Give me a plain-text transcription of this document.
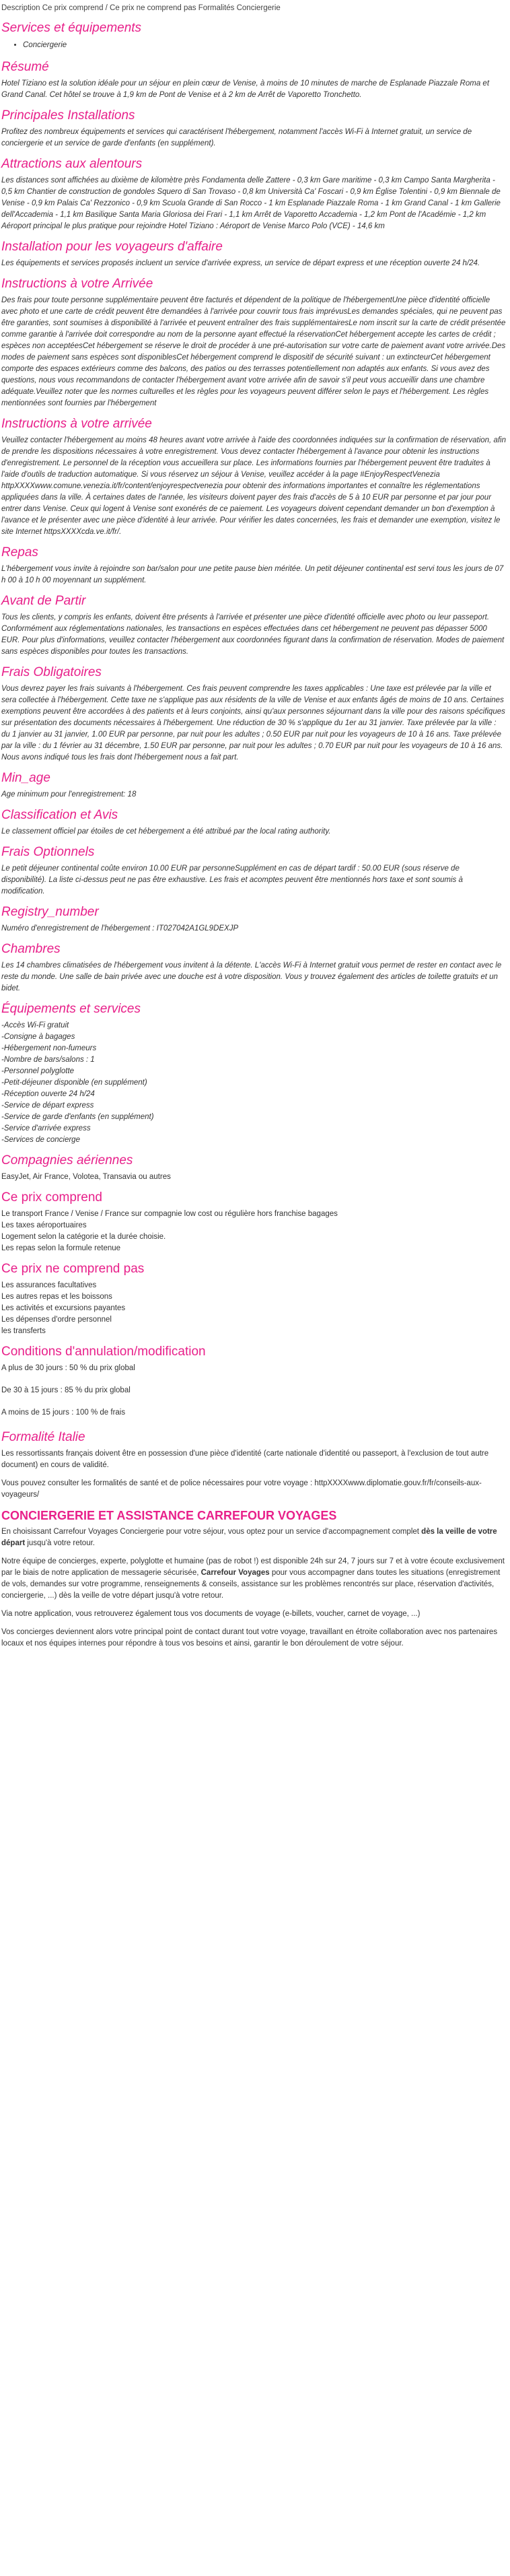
Description Ce prix comprend / Ce prix ne comprend pas Formalités Conciergerie
Services et équipements
• Conciergerie
Résumé

Hotel Tiziano est la solution idéale pour un séjour en plein cœur de Venise, à moins de 10 minutes de marche de Esplanade Piazzale Roma et Grand Canal. Cet hôtel se trouve à 1,9 km de Pont de Venise et à 2 km de Arrêt de Vaporetto Tronchetto.

Principales Installations

Profitez des nombreux équipements et services qui caractérisent l'hébergement, notamment l'accès Wi-Fi à Internet gratuit, un service de conciergerie et un service de garde d'enfants (en supplément).

Attractions aux alentours

Les distances sont affichées au dixième de kilomètre près Fondamenta delle Zattere - 0,3 km Gare maritime - 0,3 km Campo Santa Margherita - 0,5 km Chantier de construction de gondoles Squero di San Trovaso - 0,8 km Università Ca' Foscari - 0,9 km Église Tolentini - 0,9 km Biennale de Venise - 0,9 km Palais Ca' Rezzonico - 0,9 km Scuola Grande di San Rocco - 1 km Esplanade Piazzale Roma - 1 km Grand Canal - 1 km Gallerie dell'Accademia - 1,1 km Basilique Santa Maria Gloriosa dei Frari - 1,1 km Arrêt de Vaporetto Accademia - 1,2 km Pont de l'Académie - 1,2 km Aéroport principal le plus pratique pour rejoindre Hotel Tiziano : Aéroport de Venise Marco Polo (VCE) - 14,6 km

Installation pour les voyageurs d'affaire

Les équipements et services proposés incluent un service d'arrivée express, un service de départ express et une réception ouverte 24 h/24.

Instructions à votre Arrivée

Des frais pour toute personne supplémentaire peuvent être facturés et dépendent de la politique de l'hébergementUne pièce d'identité officielle avec photo et une carte de crédit peuvent être demandées à l'arrivée pour couvrir tous frais imprévusLes demandes spéciales, qui ne peuvent pas être garanties, sont soumises à disponibilité à l'arrivée et peuvent entraîner des frais supplémentairesLe nom inscrit sur la carte de crédit présentée comme garantie à l'arrivée doit correspondre au nom de la personne ayant effectué la réservationCet hébergement accepte les cartes de crédit ; espèces non acceptéesCet hébergement se réserve le droit de procéder à une pré-autorisation sur votre carte de paiement avant votre arrivée.Des modes de paiement sans espèces sont disponiblesCet hébergement comprend le dispositif de sécurité suivant : un extincteurCet hébergement comporte des espaces extérieurs comme des balcons, des patios ou des terrasses potentiellement non adaptés aux enfants. Si vous avez des questions, nous vous recommandons de contacter l'hébergement avant votre arrivée afin de savoir s'il peut vous accueillir dans une chambre adéquate.Veuillez noter que les normes culturelles et les règles pour les voyageurs peuvent différer selon le pays et l'hébergement. Les règles mentionnées sont fournies par l'hébergement

Instructions à votre arrivée

Veuillez contacter l'hébergement au moins 48 heures avant votre arrivée à l'aide des coordonnées indiquées sur la confirmation de réservation, afin de prendre les dispositions nécessaires à votre enregistrement. Vous devez contacter l'hébergement à l'avance pour obtenir les instructions d'enregistrement. Le personnel de la réception vous accueillera sur place. Les informations fournies par l'hébergement peuvent être traduites à l'aide d'outils de traduction automatique. Si vous réservez un séjour à Venise, veuillez accéder à la page #EnjoyRespectVenezia httpXXXXwww.comune.venezia.it/fr/content/enjoyrespectvenezia pour obtenir des informations importantes et connaître les réglementations appliquées dans la ville. À certaines dates de l'année, les visiteurs doivent payer des frais d'accès de 5 à 10 EUR par personne et par jour pour entrer dans Venise. Ceux qui logent à Venise sont exonérés de ce paiement. Les voyageurs doivent cependant demander un bon d'exemption à l'avance et le présenter avec une pièce d'identité à leur arrivée. Pour vérifier les dates concernées, les frais et demander une exemption, visitez le site Internet httpsXXXXcda.ve.it/fr/.

Repas

L'hébergement vous invite à rejoindre son bar/salon pour une petite pause bien méritée. Un petit déjeuner continental est servi tous les jours de 07 h 00 à 10 h 00 moyennant un supplément.

Avant de Partir

Tous les clients, y compris les enfants, doivent être présents à l'arrivée et présenter une pièce d'identité officielle avec photo ou leur passeport. Conformément aux réglementations nationales, les transactions en espèces effectuées dans cet hébergement ne peuvent pas dépasser 5000 EUR. Pour plus d'informations, veuillez contacter l'hébergement aux coordonnées figurant dans la confirmation de réservation. Modes de paiement sans espèces disponibles pour toutes les transactions.

Frais Obligatoires

Vous devrez payer les frais suivants à l'hébergement. Ces frais peuvent comprendre les taxes applicables : Une taxe est prélevée par la ville et sera collectée à l'hébergement. Cette taxe ne s'applique pas aux résidents de la ville de Venise et aux enfants âgés de moins de 10 ans. Certaines exemptions peuvent être accordées à des patients et à leurs conjoints, ainsi qu'aux personnes séjournant dans la ville pour des raisons spécifiques sur présentation des documents nécessaires à l'hébergement. Une réduction de 30 % s'applique du 1er au 31 janvier. Taxe prélevée par la ville : du 1 janvier au 31 janvier, 1.00 EUR par personne, par nuit pour les adultes ; 0.50 EUR par nuit pour les voyageurs de 10 à 16 ans. Taxe prélevée par la ville : du 1 février au 31 décembre, 1.50 EUR par personne, par nuit pour les adultes ; 0.70 EUR par nuit pour les voyageurs de 10 à 16 ans. Nous avons indiqué tous les frais dont l'hébergement nous a fait part.

Min_age

Age minimum pour l'enregistrement: 18

Classification et Avis

Le classement officiel par étoiles de cet hébergement a été attribué par the local rating authority.

Frais Optionnels

Le petit déjeuner continental coûte environ 10.00 EUR par personneSupplément en cas de départ tardif : 50.00 EUR (sous réserve de disponibilité). La liste ci-dessus peut ne pas être exhaustive. Les frais et acomptes peuvent être mentionnés hors taxe et sont soumis à modification.

Registry_number

Numéro d'enregistrement de l'hébergement : IT027042A1GL9DEXJP

Chambres

Les 14 chambres climatisées de l'hébergement vous invitent à la détente. L'accès Wi-Fi à Internet gratuit vous permet de rester en contact avec le reste du monde. Une salle de bain privée avec une douche est à votre disposition. Vous y trouvez également des articles de toilette gratuits et un bidet.

Équipements et services
-Accès Wi-Fi gratuit
-Consigne à bagages
-Hébergement non-fumeurs
-Nombre de bars/salons : 1
-Personnel polyglotte
-Petit-déjeuner disponible (en supplément)
-Réception ouverte 24 h/24
-Service de départ express
-Service de garde d'enfants (en supplément)
-Service d'arrivée express
-Services de concierge
Compagnies aériennes

EasyJet, Air France, Volotea, Transavia ou autres

Ce prix comprend
Le transport France / Venise / France sur compagnie low cost ou régulière hors franchise bagages
Les taxes aéroportuaires
Logement selon la catégorie et la durée choisie.
Les repas selon la formule retenue
Ce prix ne comprend pas
Les assurances facultatives
Les autres repas et les boissons
Les activités et excursions payantes
Les dépenses d'ordre personnel
les transferts
Conditions d'annulation/modification

A plus de 30 jours : 50 % du prix global

De 30 à 15 jours : 85 % du prix global

A moins de 15 jours : 100 % de frais

Formalité Italie

Les ressortissants français doivent être en possession d'une pièce d'identité (carte nationale d'identité ou passeport, à l'exclusion de tout autre document) en cours de validité.

Vous pouvez consulter les formalités de santé et de police nécessaires pour votre voyage : httpXXXXwww.diplomatie.gouv.fr/fr/conseils-aux-voyageurs/

CONCIERGERIE ET ASSISTANCE CARREFOUR VOYAGES

En choisissant Carrefour Voyages Conciergerie pour votre séjour, vous optez pour un service d'accompagnement complet dès la veille de votre départ jusqu'à votre retour.

Notre équipe de concierges, experte, polyglotte et humaine (pas de robot !) est disponible 24h sur 24, 7 jours sur 7 et à votre écoute exclusivement par le biais de notre application de messagerie sécurisée, Carrefour Voyages pour vous accompagner dans toutes les situations (enregistrement de vols, demandes sur votre programme, renseignements & conseils, assistance sur les problèmes rencontrés sur place, réservation d'activités, conciergerie, ...) dès la veille de votre départ jusqu'à votre retour.

Via notre application, vous retrouverez également tous vos documents de voyage (e-billets, voucher, carnet de voyage, ...)

Vos concierges deviennent alors votre principal point de contact durant tout votre voyage, travaillant en étroite collaboration avec nos partenaires locaux et nos équipes internes pour répondre à tous vos besoins et ainsi, garantir le bon déroulement de votre séjour.
